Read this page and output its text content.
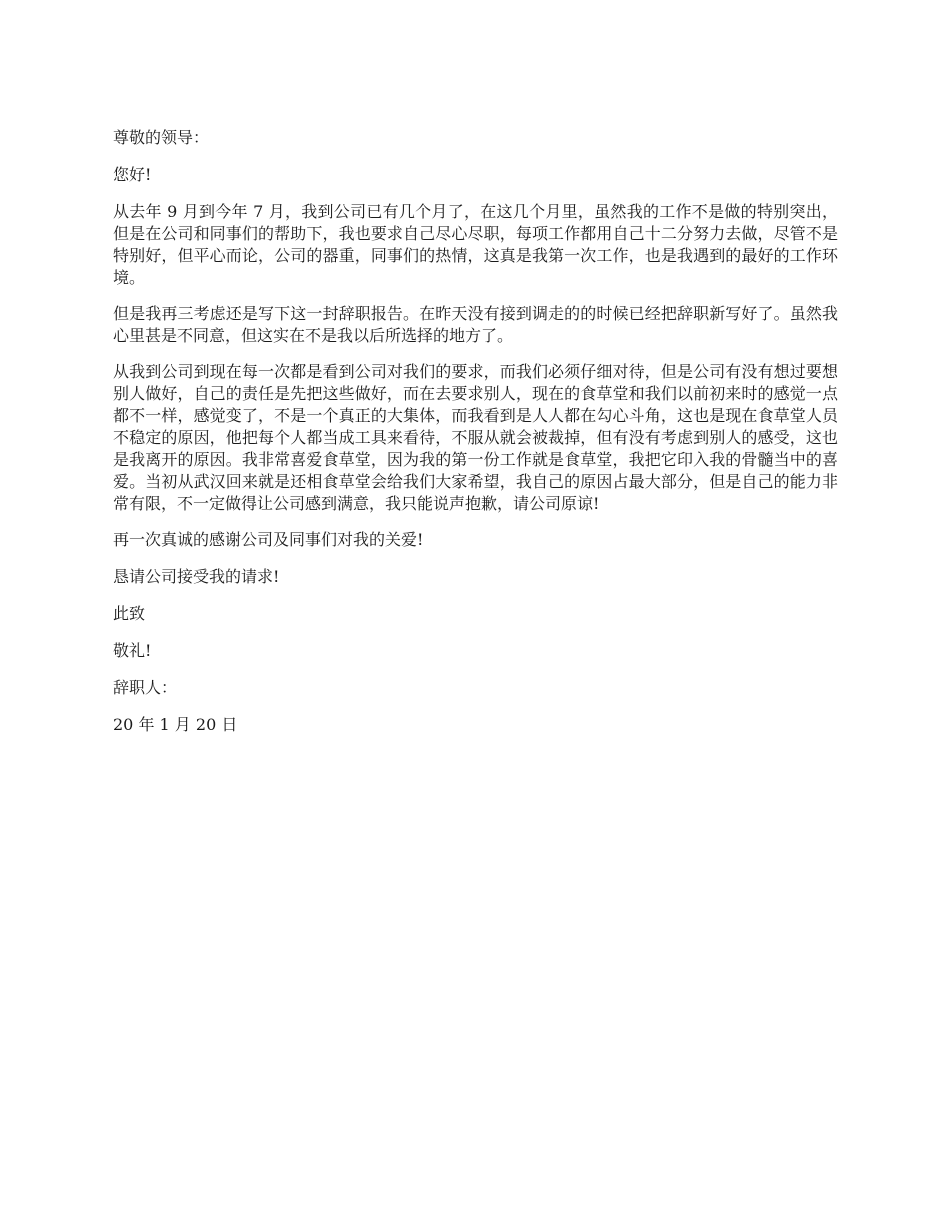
尊敬的领导：

您好!

从去年 9 月到今年 7 月，我到公司已有几个月了，在这几个月里，虽然我的工作不是做的特别突出，但是在公司和同事们的帮助下，我也要求自己尽心尽职，每项工作都用自己十二分努力去做，尽管不是特别好，但平心而论，公司的器重，同事们的热情，这真是我第一次工作，也是我遇到的最好的工作环境。

但是我再三考虑还是写下这一封辞职报告。在昨天没有接到调走的的时候已经把辞职新写好了。虽然我心里甚是不同意，但这实在不是我以后所选择的地方了。

从我到公司到现在每一次都是看到公司对我们的要求，而我们必须仔细对待，但是公司有没有想过要想别人做好，自己的责任是先把这些做好，而在去要求别人，现在的食草堂和我们以前初来时的感觉一点都不一样，感觉变了，不是一个真正的大集体，而我看到是人人都在勾心斗角，这也是现在食草堂人员不稳定的原因，他把每个人都当成工具来看待，不服从就会被裁掉，但有没有考虑到别人的感受，这也是我离开的原因。我非常喜爱食草堂，因为我的第一份工作就是食草堂，我把它印入我的骨髓当中的喜爱。当初从武汉回来就是还相食草堂会给我们大家希望，我自己的原因占最大部分，但是自己的能力非常有限，不一定做得让公司感到满意，我只能说声抱歉，请公司原谅!

再一次真诚的感谢公司及同事们对我的关爱!

恳请公司接受我的请求!

此致

敬礼!

辞职人：

20 年 1 月 20 日
